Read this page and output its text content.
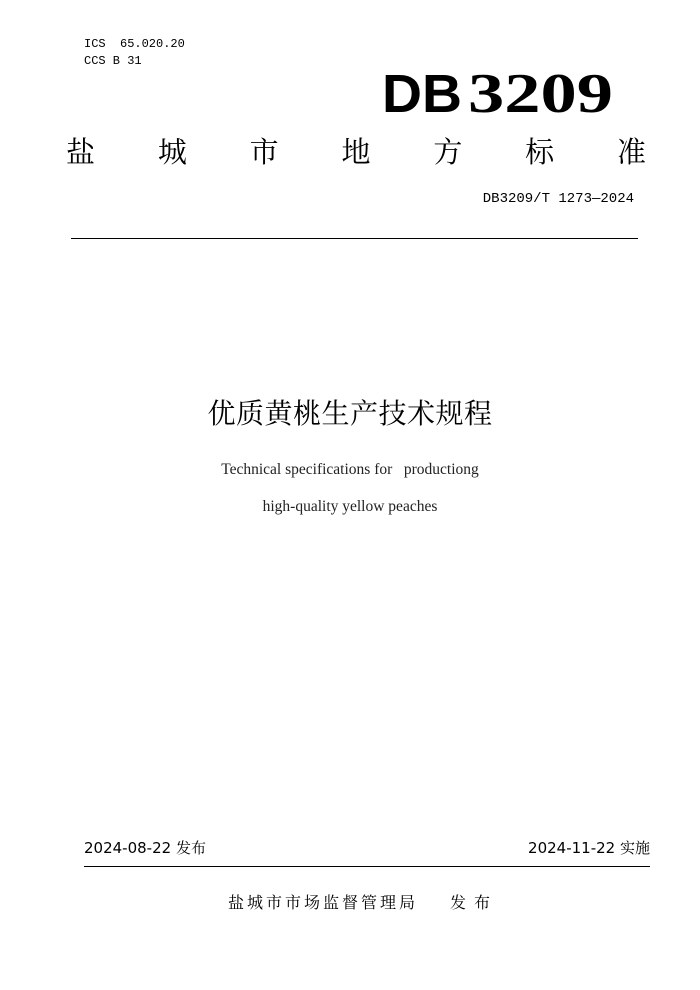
ICS  65.020.20
CCS B 31
DB 3209
盐 城 市 地 方 标 准
DB3209/T 1273—2024
优质黄桃生产技术规程
Technical specifications for   productiong
high-quality yellow peaches
2024-08-22 发布	2024-11-22 实施
盐城市市场监督管理局 发布
